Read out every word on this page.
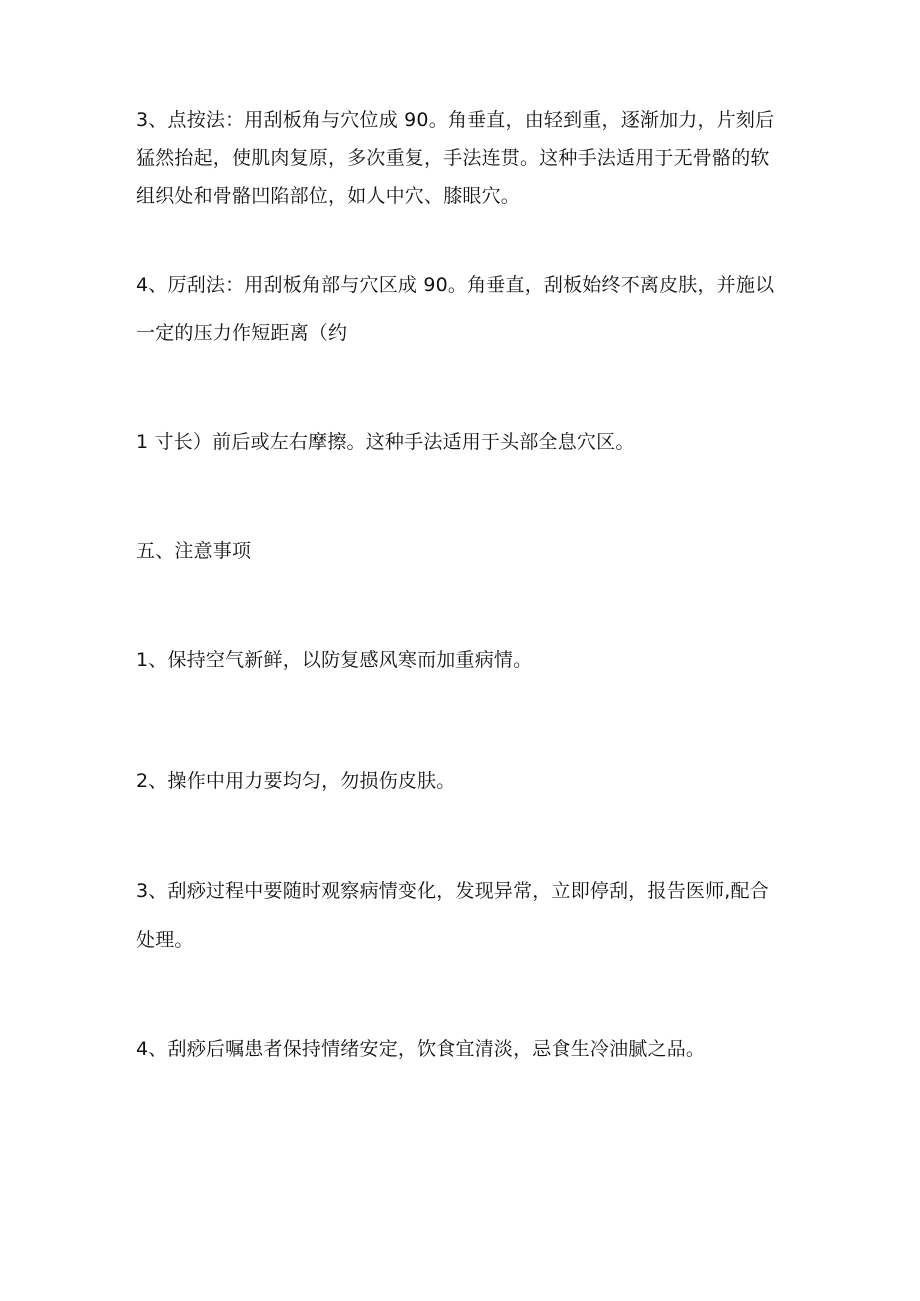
3、点按法：用刮板角与穴位成 90。角垂直，由轻到重，逐渐加力，片刻后
猛然抬起，使肌肉复原，多次重复，手法连贯。这种手法适用于无骨骼的软
组织处和骨骼凹陷部位，如人中穴、膝眼穴。
4、厉刮法：用刮板角部与穴区成 90。角垂直，刮板始终不离皮肤，并施以
一定的压力作短距离（约
1 寸长）前后或左右摩擦。这种手法适用于头部全息穴区。
五、注意事项
1、保持空气新鲜，以防复感风寒而加重病情。
2、操作中用力要均匀，勿损伤皮肤。
3、刮痧过程中要随时观察病情变化，发现异常，立即停刮，报告医师,配合
处理。
4、刮痧后嘱患者保持情绪安定，饮食宜清淡，忌食生冷油腻之品。
